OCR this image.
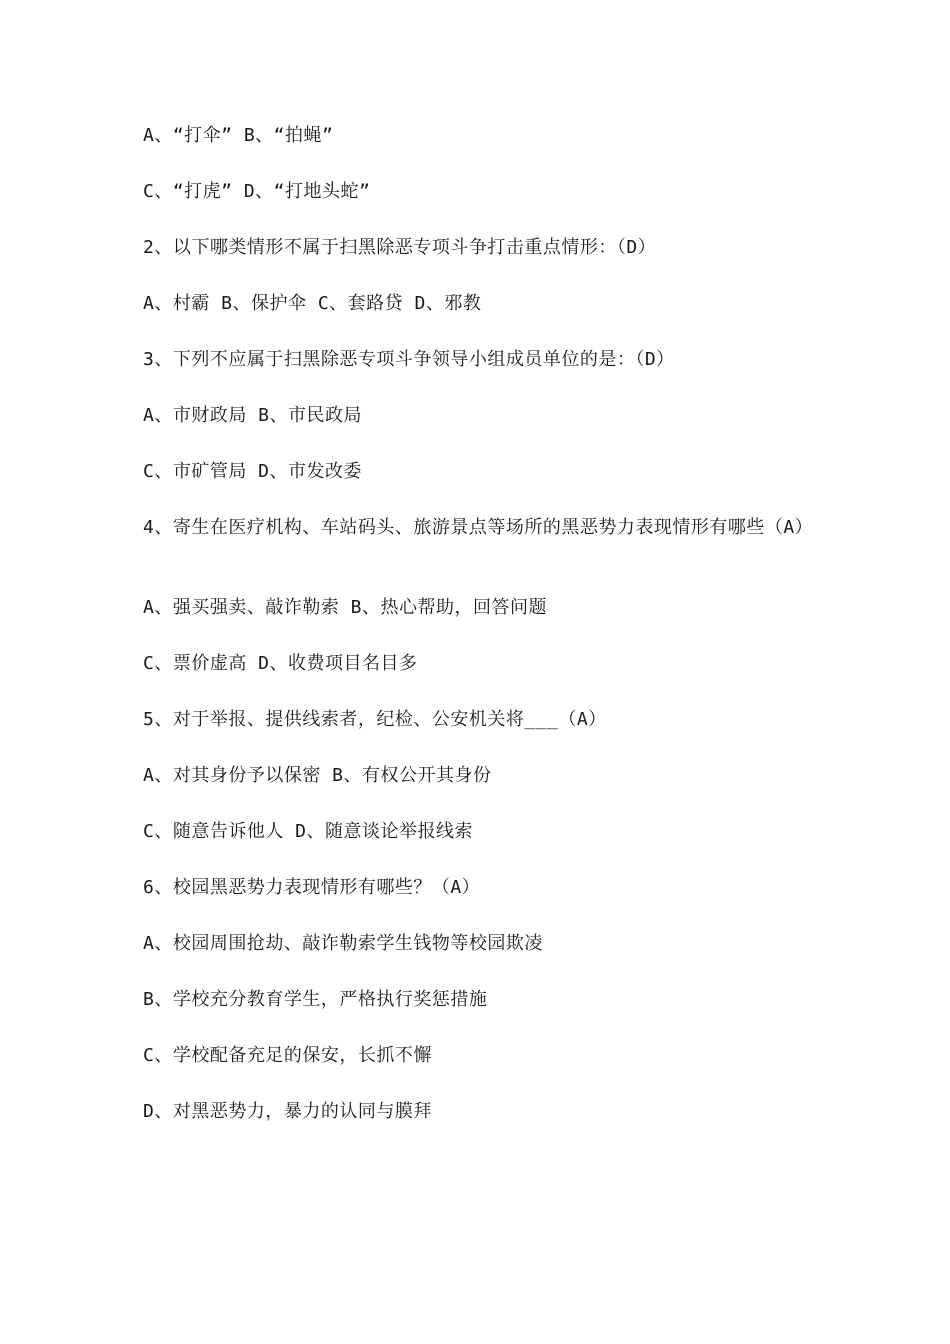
A、“打伞” B、“拍蝇”
C、“打虎” D、“打地头蛇”
2、以下哪类情形不属于扫黑除恶专项斗争打击重点情形：（D）
A、村霸 B、保护伞 C、套路贷 D、邪教
3、下列不应属于扫黑除恶专项斗争领导小组成员单位的是：（D）
A、市财政局 B、市民政局
C、市矿管局 D、市发改委
4、寄生在医疗机构、车站码头、旅游景点等场所的黑恶势力表现情形有哪些（A）
A、强买强卖、敲诈勒索 B、热心帮助，回答问题
C、票价虚高 D、收费项目名目多
5、对于举报、提供线索者，纪检、公安机关将___（A）
A、对其身份予以保密 B、有权公开其身份
C、随意告诉他人 D、随意谈论举报线索
6、校园黑恶势力表现情形有哪些？（A）
A、校园周围抢劫、敲诈勒索学生钱物等校园欺凌
B、学校充分教育学生，严格执行奖惩措施
C、学校配备充足的保安，长抓不懈
D、对黑恶势力，暴力的认同与膜拜
